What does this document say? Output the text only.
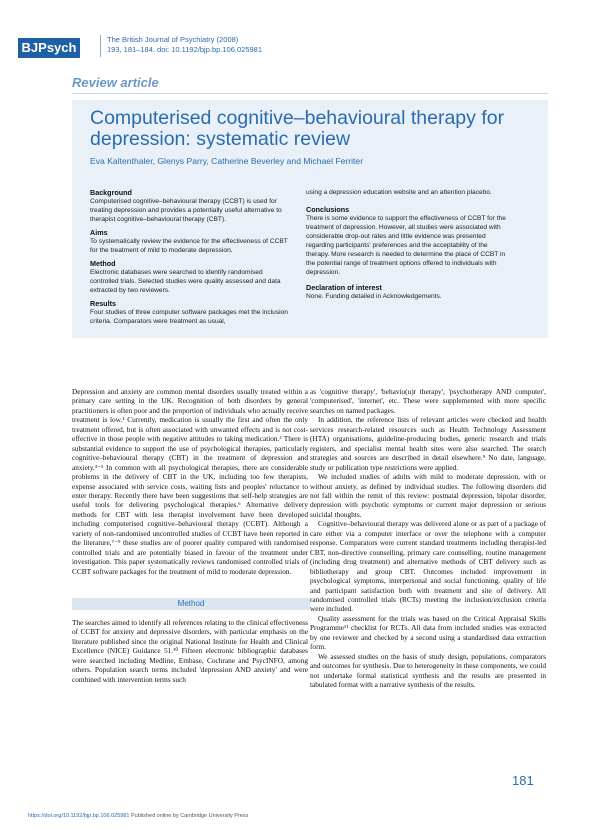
BJPsych
The British Journal of Psychiatry (2008)
193, 181–184. doi: 10.1192/bjp.bp.106.025981
Review article
Computerised cognitive–behavioural therapy for depression: systematic review
Eva Kaltenthaler, Glenys Parry, Catherine Beverley and Michael Ferriter
Background

Computerised cognitive–behavioural therapy (CCBT) is used for treating depression and provides a potentially useful alternative to therapist cognitive–behavioural therapy (CBT).

Aims

To systematically review the evidence for the effectiveness of CCBT for the treatment of mild to moderate depression.

Method

Electronic databases were searched to identify randomised controlled trials. Selected studies were quality assessed and data extracted by two reviewers.

Results

Four studies of three computer software packages met the inclusion criteria. Comparators were treatment as usual,

using a depression education website and an attention placebo.

Conclusions

There is some evidence to support the effectiveness of CCBT for the treatment of depression. However, all studies were associated with considerable drop-out rates and little evidence was presented regarding participants' preferences and the acceptability of the therapy. More research is needed to determine the place of CCBT in the potential range of treatment options offered to individuals with depression.

Declaration of interest

None. Funding detailed in Acknowledgements.

Depression and anxiety are common mental disorders usually treated within a primary care setting in the UK. Recognition of both disorders by general practitioners is often poor and the proportion of individuals who actually receive treatment is low.¹ Currently, medication is usually the first and often the only treatment offered, but is often associated with unwanted effects and is not cost-effective in those people with negative attitudes to taking medication.² There is substantial evidence to support the use of psychological therapies, particularly cognitive–behavioural therapy (CBT) in the treatment of depression and anxiety.³⁻⁵ In common with all psychological therapies, there are considerable problems in the delivery of CBT in the UK, including too few therapists, expense associated with service costs, waiting lists and peoples' reluctance to enter therapy. Recently there have been suggestions that self-help strategies are useful tools for delivering psychological therapies.⁶ Alternative delivery methods for CBT with less therapist involvement have been developed including computerised cognitive–behavioural therapy (CCBT). Although a variety of non-randomised uncontrolled studies of CCBT have been reported in the literature,⁷⁻⁹ these studies are of poorer quality compared with randomised controlled trials and are potentially biased in favour of the treatment under investigation. This paper systematically reviews randomised controlled trials of CCBT software packages for the treatment of mild to moderate depression.

Method

The searches aimed to identify all references relating to the clinical effectiveness of CCBT for anxiety and depressive disorders, with particular emphasis on the literature published since the original National Institute for Health and Clinical Excellence (NICE) Guidance 51.¹⁰ Fifteen electronic bibliographic databases were searched including Medline, Embase, Cochrane and PsycINFO, among others. Population search terms included 'depression AND anxiety' and were combined with intervention terms such

as 'cognitive therapy', 'behavio(u)r therapy', 'psychotherapy AND computer', 'computerised', 'internet', etc. These were supplemented with more specific searches on named packages.

In addition, the reference lists of relevant articles were checked and health services research-related resources such as Health Technology Assessment (HTA) organisations, guideline-producing bodies, generic research and trials registers, and specialist mental health sites were also searched. The search strategies and sources are described in detail elsewhere.⁹ No date, language, study or publication type restrictions were applied.

We included studies of adults with mild to moderate depression, with or without anxiety, as defined by individual studies. The following disorders did not fall within the remit of this review: postnatal depression, bipolar disorder, depression with psychotic symptoms or current major depression or serious suicidal thoughts.

Cognitive–behavioural therapy was delivered alone or as part of a package of care either via a computer interface or over the telephone with a computer response. Comparators were current standard treatments including therapist-led CBT, non-directive counselling, primary care counselling, routine management (including drug treatment) and alternative methods of CBT delivery such as bibliotherapy and group CBT. Outcomes included improvement in psychological symptoms, interpersonal and social functioning, quality of life and participant satisfaction both with treatment and site of delivery. All randomised controlled trials (RCTs) meeting the inclusion/exclusion criteria were included.

Quality assessment for the trials was based on the Critical Appraisal Skills Programme¹¹ checklist for RCTs. All data from included studies was extracted by one reviewer and checked by a second using a standardised data extraction form.

We assessed studies on the basis of study design, populations, comparators and outcomes for synthesis. Due to heterogeneity in these components, we could not undertake formal statistical synthesis and the results are presented in tabulated format with a narrative synthesis of the results.

181
https://doi.org/10.1192/bjp.bp.106.025981 Published online by Cambridge University Press
